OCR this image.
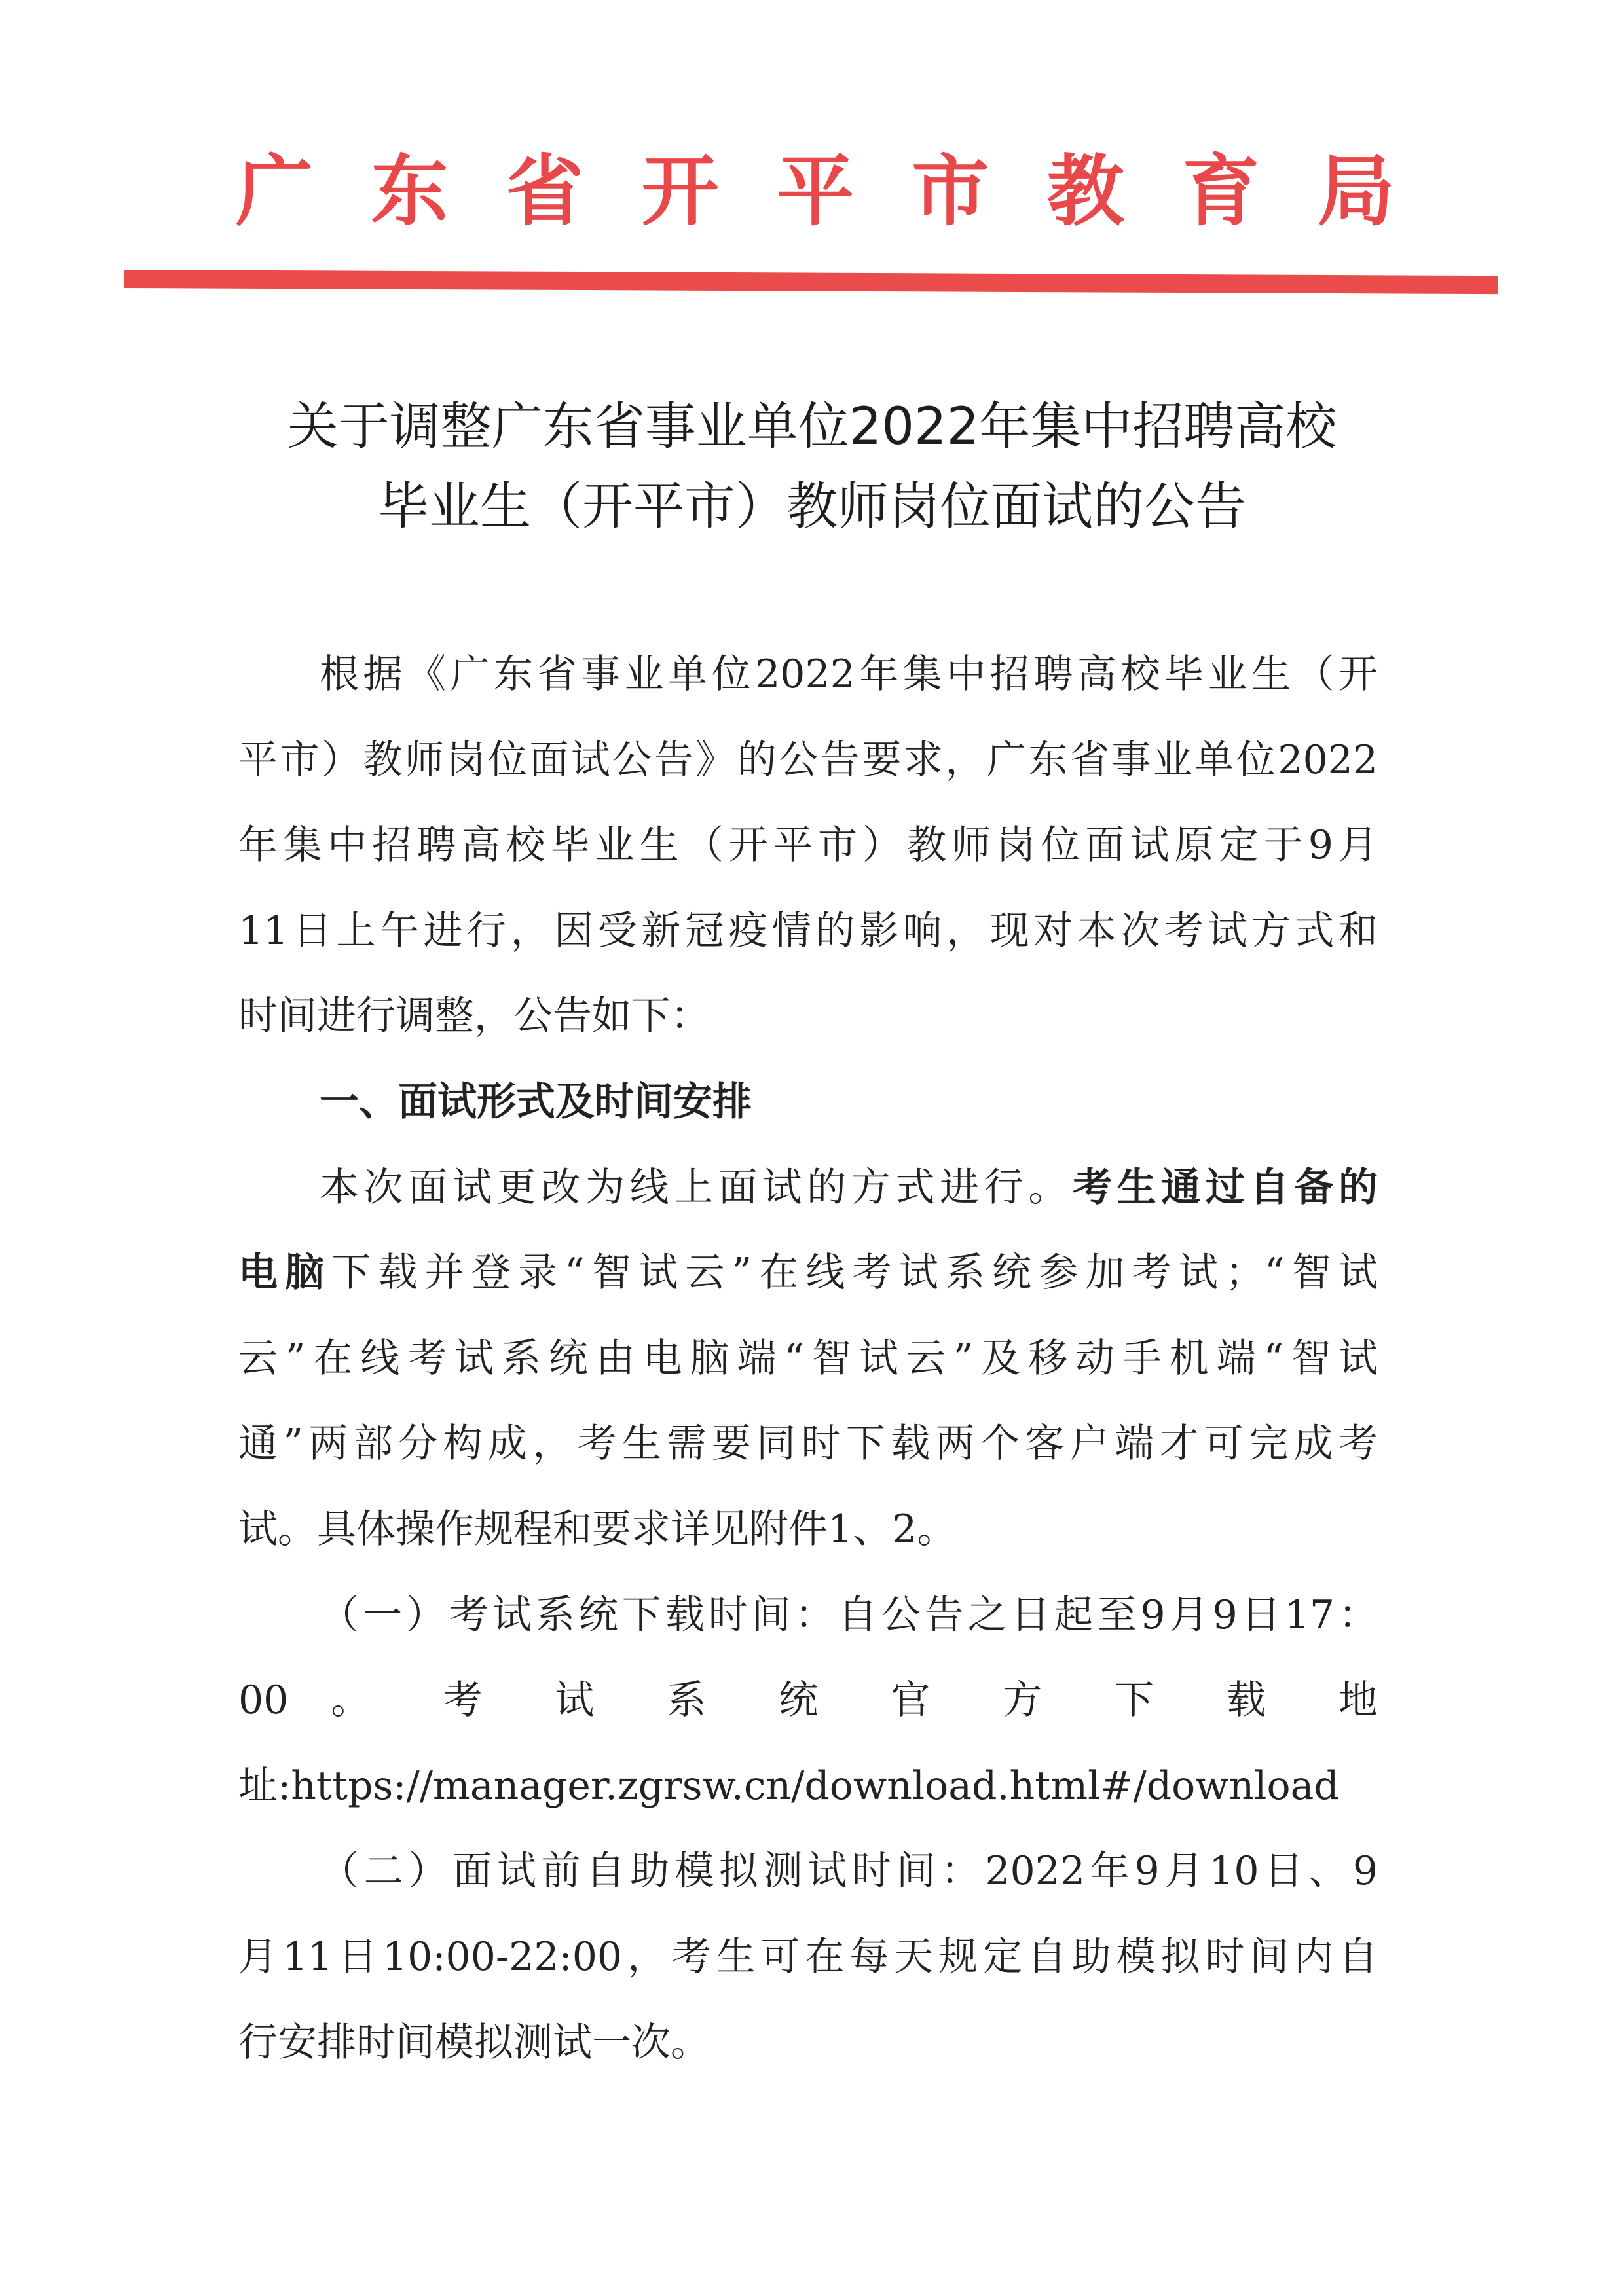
广 东 省 开 平 市 教 育 局
关于调整广东省事业单位2022年集中招聘高校
毕业生（开平市）教师岗位面试的公告
根据《广东省事业单位2022年集中招聘高校毕业生（开
平市）教师岗位面试公告》的公告要求，广东省事业单位2022
年集中招聘高校毕业生（开平市）教师岗位面试原定于9月
11日上午进行，因受新冠疫情的影响，现对本次考试方式和
时间进行调整，公告如下：
一、面试形式及时间安排
本次面试更改为线上面试的方式进行。考生通过自备的
电脑下载并登录“智试云”在线考试系统参加考试；“智试
云”在线考试系统由电脑端“智试云”及移动手机端“智试
通”两部分构成，考生需要同时下载两个客户端才可完成考
试。具体操作规程和要求详见附件1、2。
（一）考试系统下载时间：自公告之日起至9月9日17：
00 。 考 试 系 统 官 方 下 载 地
址:https://manager.zgrsw.cn/download.html#/download
（二）面试前自助模拟测试时间：2022年9月10日、9
月11日10:00-22:00，考生可在每天规定自助模拟时间内自
行安排时间模拟测试一次。
